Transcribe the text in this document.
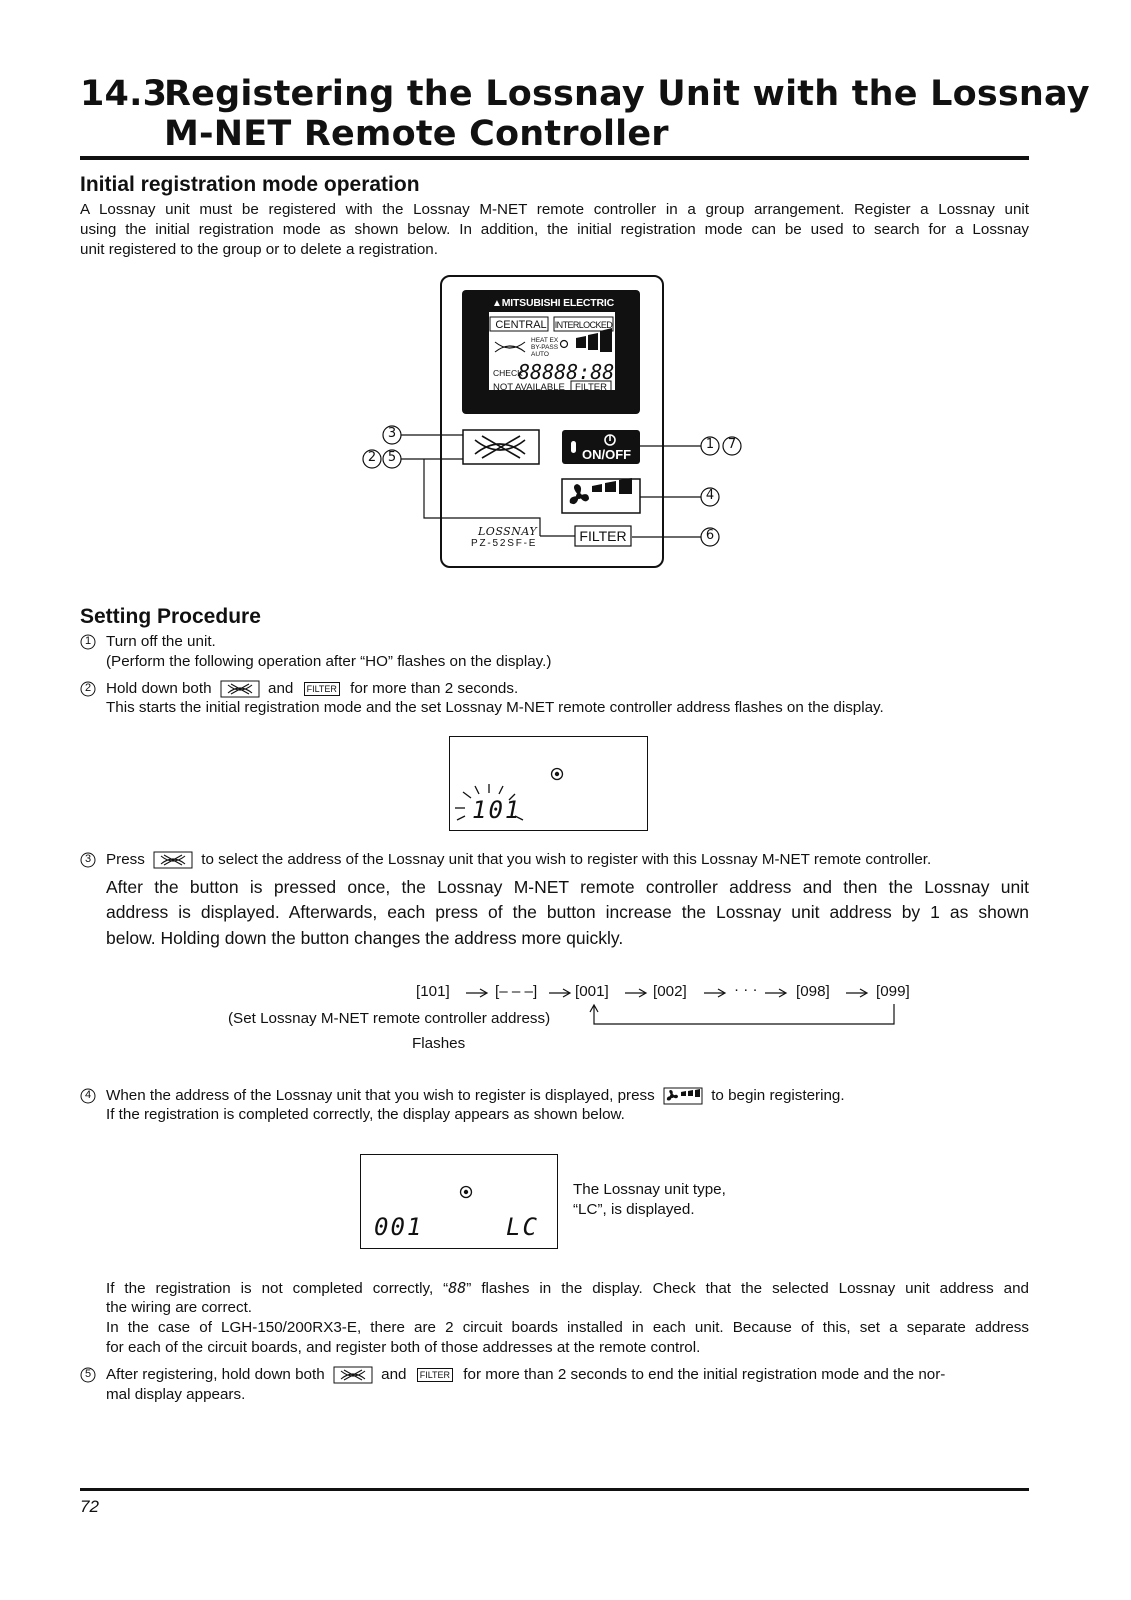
14.3
Registering the Lossnay Unit with the Lossnay
M-NET Remote Controller
Initial registration mode operation
A Lossnay unit must be registered with the Lossnay M-NET remote controller in a group arrangement. Register a Lossnay unit
using the initial registration mode as shown below. In addition, the initial registration mode can be used to search for a Lossnay
unit registered to the group or to delete a registration.
▲MITSUBISHI ELECTRIC
CENTRAL INTERLOCKED
HEAT EX
BY-PASS
AUTO
CHECK
88888:88
NOT AVAILABLE	FILTER
ON/OFF
FILTER
LOSSNAY
PZ-52SF-E
3
2 5
1 7
4
6
Setting Procedure
1 Turn off the unit.
(Perform the following operation after “HO” flashes on the display.)
2 Hold down both	and FILTER for more than 2 seconds.
This starts the initial registration mode and the set Lossnay M-NET remote controller address flashes on the display.
101
3 Press	to select the address of the Lossnay unit that you wish to register with this Lossnay M-NET remote controller.
After the button is pressed once, the Lossnay M-NET remote controller address and then the Lossnay unit
address is displayed. Afterwards, each press of the button increase the Lossnay unit address by 1 as shown
below. Holding down the button changes the address more quickly.
[101]	[– – –] [001]	[002]	· · ·	[098]	[099]
(Set Lossnay M-NET remote controller address)
Flashes
4 When the address of the Lossnay unit that you wish to register is displayed, press	to begin registering.
If the registration is completed correctly, the display appears as shown below.
001	LC
The Lossnay unit type,
“LC”, is displayed.
If the registration is not completed correctly, “88” flashes in the display. Check that the selected Lossnay unit address and
the wiring are correct.
In the case of LGH-150/200RX3-E, there are 2 circuit boards installed in each unit. Because of this, set a separate address
for each of the circuit boards, and register both of those addresses at the remote control.
5 After registering, hold down both	and FILTER for more than 2 seconds to end the initial registration mode and the nor-
mal display appears.
72
